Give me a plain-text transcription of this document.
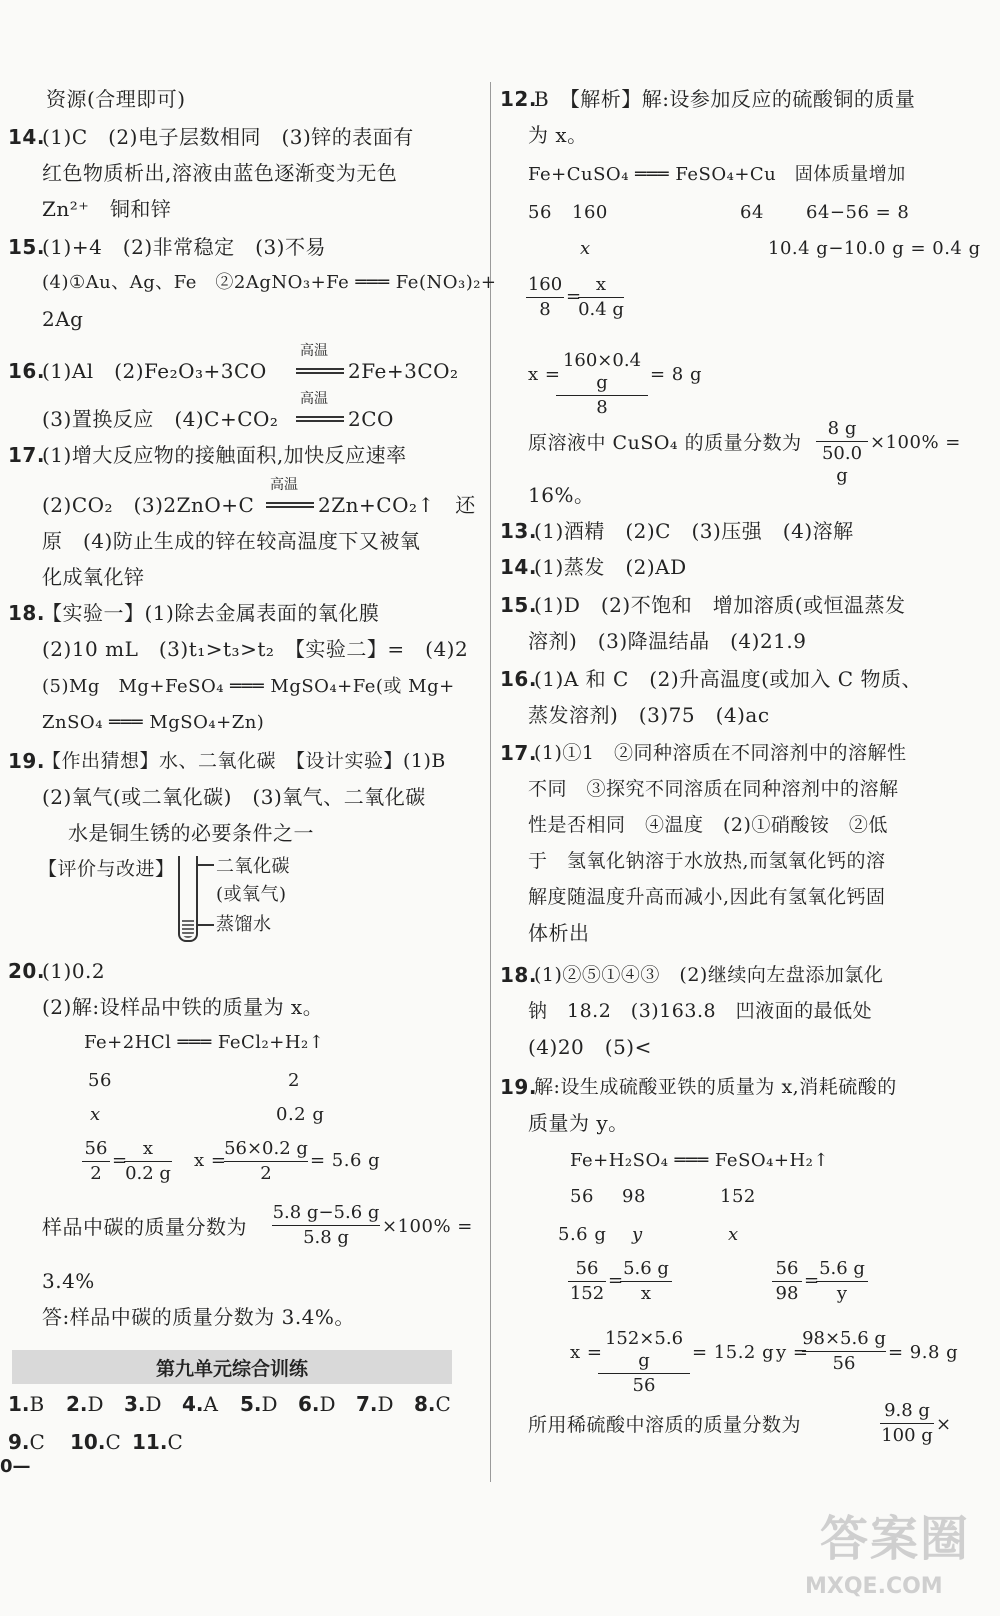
资源(合理即可)
14.
(1)C　(2)电子层数相同　(3)锌的表面有
红色物质析出,溶液由蓝色逐渐变为无色
Zn²⁺　铜和锌
15.
(1)+4　(2)非常稳定　(3)不易
(4)①Au、Ag、Fe　②2AgNO₃+Fe ═══ Fe(NO₃)₂+
2Ag
16.
(1)Al　(2)Fe₂O₃+3CO
高温
2Fe+3CO₂
(3)置换反应　(4)C+CO₂
高温
2CO
17.
(1)增大反应物的接触面积,加快反应速率
(2)CO₂　(3)2ZnO+C
高温
2Zn+CO₂↑　还
原　(4)防止生成的锌在较高温度下又被氧
化成氧化锌
18.
【实验一】(1)除去金属表面的氧化膜
(2)10 mL　(3)t₁>t₃>t₂　【实验二】=　(4)2
(5)Mg　Mg+FeSO₄ ═══ MgSO₄+Fe(或 Mg+
ZnSO₄ ═══ MgSO₄+Zn)
19.
【作出猜想】水、二氧化碳　【设计实验】(1)B
(2)氧气(或二氧化碳)　(3)氧气、二氧化碳
水是铜生锈的必要条件之一
【评价与改进】 二氧化碳
(或氧气)
蒸馏水
20.
(1)0.2
(2)解:设样品中铁的质量为 x。
Fe+2HCl ═══ FeCl₂+H₂↑
56	2
x	0.2 g
56
2
=
x
0.2 g
x =
56×0.2 g
2
= 5.6 g
样品中碳的质量分数为
5.8 g−5.6 g
5.8 g
×100% =
3.4%
答:样品中碳的质量分数为 3.4%。
第九单元综合训练
1.B 2.D 3.D 4.A 5.D 6.D 7.D 8.C
9.C 10.C 11.C
0—
12.
B　【解析】解:设参加反应的硫酸铜的质量
为 x。
Fe+CuSO₄ ═══ FeSO₄+Cu　固体质量增加
56 160	64 64−56 = 8
x	10.4 g−10.0 g = 0.4 g
160
8
=
x
0.4 g
x =
160×0.4 g
8
= 8 g
原溶液中 CuSO₄ 的质量分数为
8 g
50.0 g
×100% =
16%。
13.
(1)酒精　(2)C　(3)压强　(4)溶解
14.
(1)蒸发　(2)AD
15.
(1)D　(2)不饱和　增加溶质(或恒温蒸发
溶剂)　(3)降温结晶　(4)21.9
16.
(1)A 和 C　(2)升高温度(或加入 C 物质、
蒸发溶剂)　(3)75　(4)ac
17.
(1)①1　②同种溶质在不同溶剂中的溶解性
不同　③探究不同溶质在同种溶剂中的溶解
性是否相同　④温度　(2)①硝酸铵　②低
于　氢氧化钠溶于水放热,而氢氧化钙的溶
解度随温度升高而减小,因此有氢氧化钙固
体析出
18.
(1)②⑤①④③　(2)继续向左盘添加氯化
钠　18.2　(3)163.8　凹液面的最低处
(4)20　(5)<
19.
解:设生成硫酸亚铁的质量为 x,消耗硫酸的
质量为 y。
Fe+H₂SO₄ ═══ FeSO₄+H₂↑
56 98	152
5.6 g y	x
56
152
=
5.6 g
x
56
98
=
5.6 g
y
x =
152×5.6 g
56
= 15.2 g y =
98×5.6 g
56
= 9.8 g
所用稀硫酸中溶质的质量分数为
9.8 g
100 g
×
答案圈
MXQE.COM
